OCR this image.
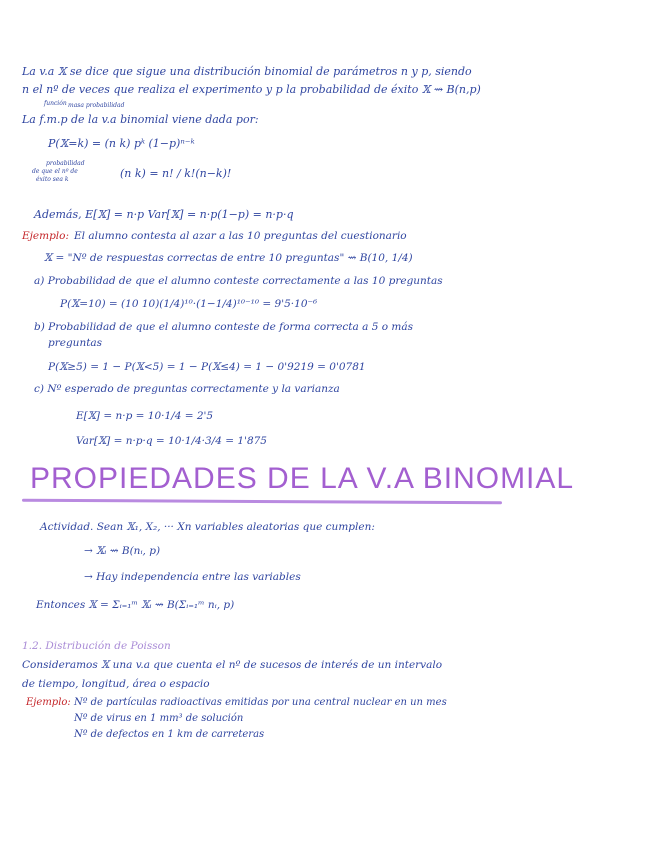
La v.a 𝕏 se dice que sigue una distribución binomial de parámetros n y p, siendo
n el nº de veces que realiza el experimento y p la probabilidad de éxito 𝕏 ⇝ B(n,p)
función masa probabilidad
La f.m.p de la v.a binomial viene dada por:
P(𝕏=k) = (n k) pᵏ (1−p)ⁿ⁻ᵏ
probabilidad
de que el nº de
éxito sea k	(n k) = n! / k!(n−k)!
Además, E[𝕏] = n·p Var[𝕏] = n·p(1−p) = n·p·q
Ejemplo: El alumno contesta al azar a las 10 preguntas del cuestionario
𝕏 = "Nº de respuestas correctas de entre 10 preguntas" ⇝ B(10, 1/4)
a) Probabilidad de que el alumno conteste correctamente a las 10 preguntas
P(𝕏=10) = (10 10)(1/4)¹⁰·(1−1/4)¹⁰⁻¹⁰ = 9'5·10⁻⁶
b) Probabilidad de que el alumno conteste de forma correcta a 5 o más
preguntas
P(𝕏≥5) = 1 − P(𝕏<5) = 1 − P(𝕏≤4) = 1 − 0'9219 = 0'0781
c) Nº esperado de preguntas correctamente y la varianza
E[𝕏] = n·p = 10·1/4 = 2'5
Var[𝕏] = n·p·q = 10·1/4·3/4 = 1'875
PROPIEDADES DE LA V.A BINOMIAL
Actividad. Sean 𝕏₁, X₂, ··· Xn variables aleatorias que cumplen:
→ 𝕏ᵢ ⇝ B(nᵢ, p)
→ Hay independencia entre las variables
Entonces 𝕏 = Σᵢ₌₁ᵐ 𝕏ᵢ ⇝ B(Σᵢ₌₁ᵐ nᵢ, p)
1.2. Distribución de Poisson
Consideramos 𝕏 una v.a que cuenta el nº de sucesos de interés de un intervalo
de tiempo, longitud, área o espacio
Ejemplo: Nº de partículas radioactivas emitidas por una central nuclear en un mes
Nº de virus en 1 mm³ de solución
Nº de defectos en 1 km de carreteras
